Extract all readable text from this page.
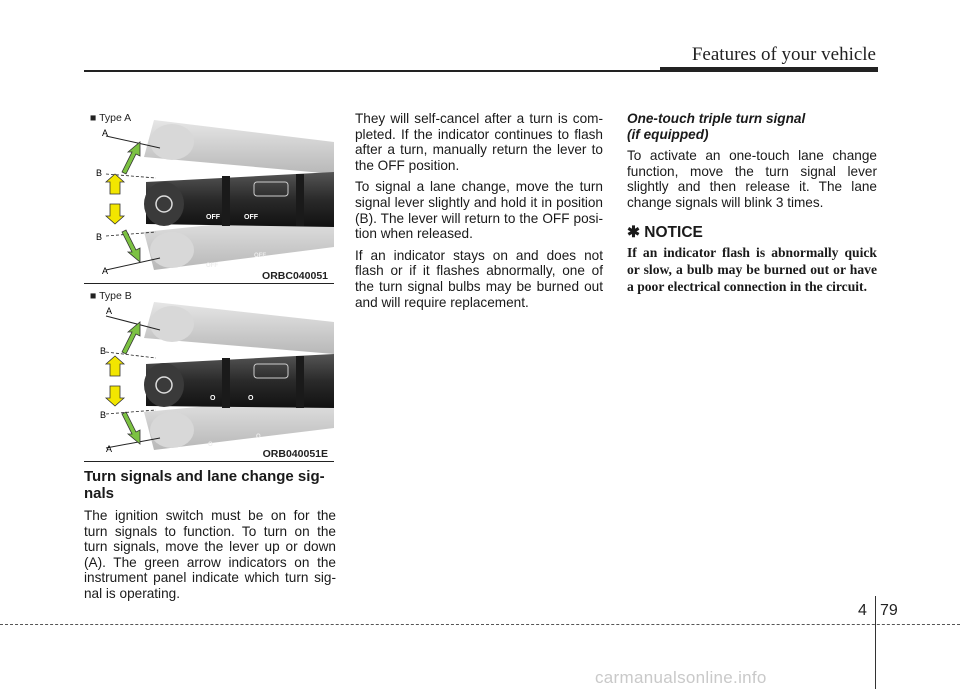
Features of your vehicle
OFF	OFF
OFF
OFF
A
B
B
A
■ Type A
ORBC040051
O	O
O
O
A
B
B
A
■ Type B
ORB040051E
Turn signals and lane change sig- nals

The ignition switch must be on for the turn signals to function. To turn on the turn signals, move the lever up or down (A). The green arrow indicators on the instrument panel indicate which turn sig- nal is operating.

They will self-cancel after a turn is com- pleted. If the indicator continues to flash after a turn, manually return the lever to the OFF position.

To signal a lane change, move the turn signal lever slightly and hold it in position (B). The lever will return to the OFF posi- tion when released.

If an indicator stays on and does not flash or if it flashes abnormally, one of the turn signal bulbs may be burned out and will require replacement.

One-touch triple turn signal
(if equipped)

To activate an one-touch lane change function, move the turn signal lever slightly and then release it. The lane change signals will blink 3 times.

✱ NOTICE

If an indicator flash is abnormally quick or slow, a bulb may be burned out or have a poor electrical connection in the circuit.

4 79
carmanualsonline.info
